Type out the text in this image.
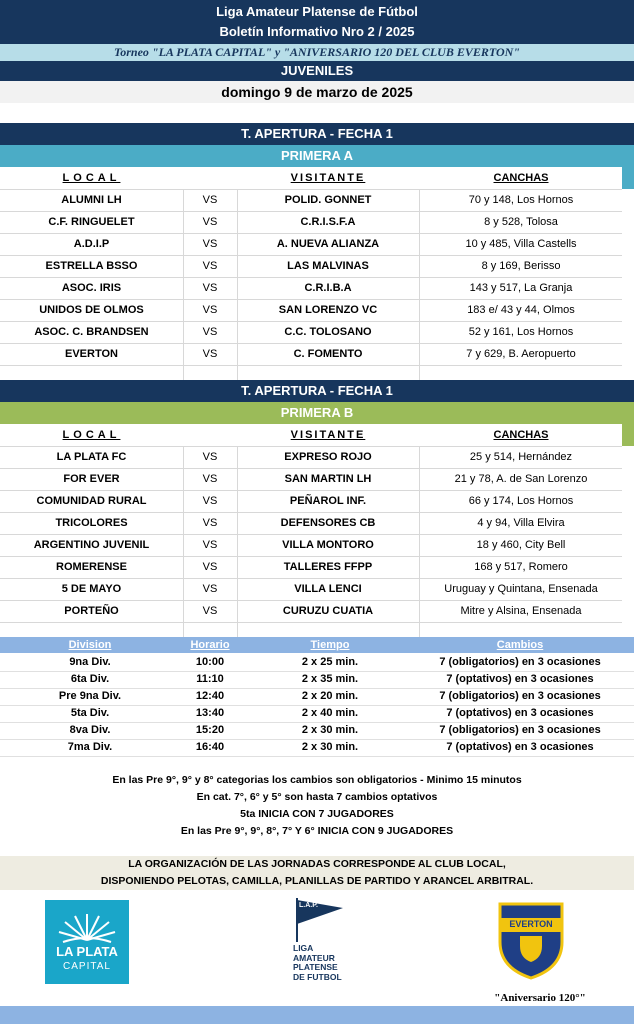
Liga Amateur Platense de Fútbol
Boletín Informativo Nro 2 / 2025
Torneo "LA PLATA CAPITAL" y "ANIVERSARIO 120 DEL CLUB EVERTON"
JUVENILES
domingo 9 de marzo de 2025
T. APERTURA - FECHA 1
PRIMERA A
LOCAL	VISITANTE	CANCHAS
ALUMNI LH	VS	POLID. GONNET	70 y 148, Los Hornos
C.F. RINGUELET	VS	C.R.I.S.F.A	8 y 528, Tolosa
A.D.I.P	VS	A. NUEVA ALIANZA	10 y 485, Villa Castells
ESTRELLA BSSO	VS	LAS MALVINAS	8 y 169, Berisso
ASOC. IRIS	VS	C.R.I.B.A	143 y 517, La Granja
UNIDOS DE OLMOS	VS	SAN LORENZO VC	183 e/ 43 y 44, Olmos
ASOC. C. BRANDSEN	VS	C.C. TOLOSANO	52 y 161, Los Hornos
EVERTON	VS	C. FOMENTO	7 y 629, B. Aeropuerto
T. APERTURA - FECHA 1
PRIMERA B
LOCAL	VISITANTE	CANCHAS
LA PLATA FC	VS	EXPRESO ROJO	25 y 514, Hernández
FOR EVER	VS	SAN MARTIN LH	21 y 78, A. de San Lorenzo
COMUNIDAD RURAL	VS	PEÑAROL INF.	66 y 174, Los Hornos
TRICOLORES	VS	DEFENSORES CB	4 y 94, Villa Elvira
ARGENTINO JUVENIL	VS	VILLA MONTORO	18 y 460, City Bell
ROMERENSE	VS	TALLERES FFPP	168 y 517, Romero
5 DE MAYO	VS	VILLA LENCI	Uruguay y Quintana, Ensenada
PORTEÑO	VS	CURUZU CUATIA	Mitre y Alsina, Ensenada
Division	Horario	Tiempo	Cambios
9na Div.	10:00	2 x 25 min.	7 (obligatorios) en 3 ocasiones
6ta Div.	11:10	2 x 35 min.	7 (optativos) en 3 ocasiones
Pre 9na Div.	12:40	2 x 20 min.	7 (obligatorios) en 3 ocasiones
5ta Div.	13:40	2 x 40 min.	7 (optativos) en 3 ocasiones
8va Div.	15:20	2 x 30 min.	7 (obligatorios) en 3 ocasiones
7ma Div.	16:40	2 x 30 min.	7 (optativos) en 3 ocasiones
En las Pre 9°, 9° y 8° categorias los cambios son obligatorios - Minimo 15 minutos
En cat. 7°, 6° y 5° son hasta 7 cambios optativos
5ta INICIA CON 7 JUGADORES
En las Pre 9°, 9°, 8°, 7° Y 6° INICIA CON 9 JUGADORES
LA ORGANIZACIÓN DE LAS JORNADAS CORRESPONDE AL CLUB LOCAL,
DISPONIENDO PELOTAS, CAMILLA, PLANILLAS DE PARTIDO Y ARANCEL ARBITRAL.
LA PLATA
CAPITAL
L.A.P.
LIGA
AMATEUR
PLATENSE
DE FUTBOL
EVERTON
"Aniversario 120°"
